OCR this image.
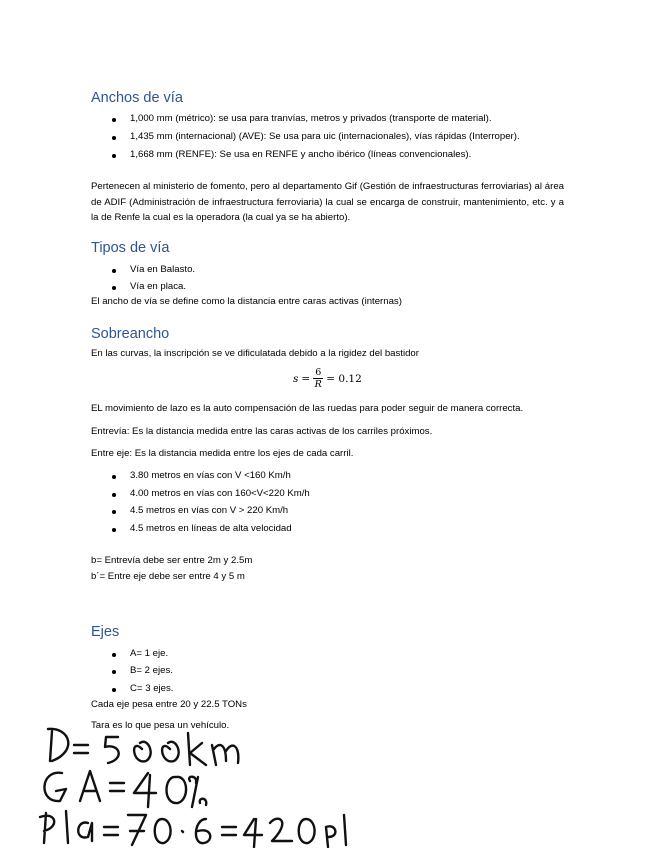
Anchos de vía

1,000 mm (métrico): se usa para tranvías, metros y privados (transporte de material).

1,435 mm (internacional) (AVE): Se usa para uic (internacionales), vías rápidas (Interroper).

1,668 mm (RENFE): Se usa en RENFE y ancho ibérico (líneas convencionales).

Pertenecen al ministerio de fomento, pero al departamento Gif (Gestión de infraestructuras ferroviarias) al área de ADIF (Administración de infraestructura ferroviaria) la cual se encarga de construir, mantenimiento, etc. y a la de Renfe la cual es la operadora (la cual ya se ha abierto).

Tipos de vía

Vía en Balasto.

Vía en placa.

El ancho de vía se define como la distancia entre caras activas (internas)

Sobreancho

En las curvas, la inscripción se ve dificulatada debido a la rigidez del bastidor

$s = \frac{6}{R} = 0.12$

EL movimiento de lazo es la auto compensación de las ruedas para poder seguir de manera correcta.

Entrevía: Es la distancia medida entre las caras activas de los carriles próximos.

Entre eje: Es la distancia medida entre los ejes de cada carril.

3.80 metros en vías con V <160 Km/h

4.00 metros en vías con 160<V<220 Km/h

4.5 metros en vías con V > 220 Km/h

4.5 metros en líneas de alta velocidad

b= Entrevía debe ser entre 2m y 2.5m

b´= Entre eje debe ser entre 4 y 5 m

Ejes

A= 1 eje.

B= 2 ejes.

C= 3 ejes.

Cada eje pesa entre 20 y 22.5 TONs

Tara es lo que pesa un vehículo.

D= 500 Km
GA=40%
Pla= 70 · 6 = 420 pla
